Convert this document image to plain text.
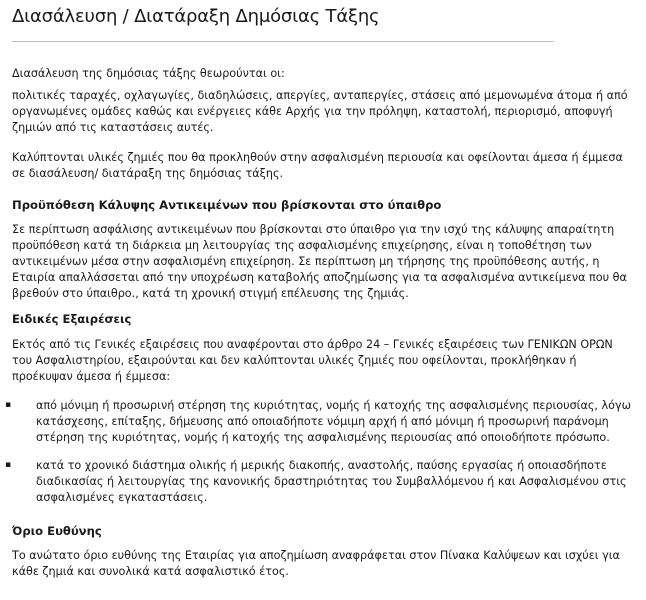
Διασάλευση / Διατάραξη Δημόσιας Τάξης

Διασάλευση της δημόσιας τάξης θεωρούνται οι:

πολιτικές ταραχές, οχλαγωγίες, διαδηλώσεις, απεργίες, ανταπεργίες, στάσεις από μεμονωμένα άτομα ή από οργανωμένες ομάδες καθώς και ενέργειες κάθε Αρχής για την πρόληψη, καταστολή, περιορισμό, αποφυγή ζημιών από τις καταστάσεις αυτές.

Καλύπτονται υλικές ζημιές που θα προκληθούν στην ασφαλισμένη περιουσία και οφείλονται άμεσα ή έμμεσα σε διασάλευση/ διατάραξη της δημόσιας τάξης.

Προϋπόθεση Κάλυψης Αντικειμένων που βρίσκονται στο ύπαιθρο

Σε περίπτωση ασφάλισης αντικειμένων που βρίσκονται στο ύπαιθρο για την ισχύ της κάλυψης απαραίτητη προϋπόθεση κατά τη διάρκεια μη λειτουργίας της ασφαλισμένης επιχείρησης, είναι η τοποθέτηση των αντικειμένων μέσα στην ασφαλισμένη επιχείρηση. Σε περίπτωση μη τήρησης της προϋπόθεσης αυτής, η Εταιρία απαλλάσσεται από την υποχρέωση καταβολής αποζημίωσης για τα ασφαλισμένα αντικείμενα που θα βρεθούν στο ύπαιθρο., κατά τη χρονική στιγμή επέλευσης της ζημιάς.

Ειδικές Εξαιρέσεις

Εκτός από τις Γενικές εξαιρέσεις που αναφέρονται στο άρθρο 24 – Γενικές εξαιρέσεις των ΓΕΝΙΚΩΝ ΟΡΩΝ του Ασφαλιστηρίου, εξαιρούνται και δεν καλύπτονται υλικές ζημιές που οφείλονται, προκλήθηκαν ή προέκυψαν άμεσα ή έμμεσα:

▪ από μόνιμη ή προσωρινή στέρηση της κυριότητας, νομής ή κατοχής της ασφαλισμένης περιουσίας, λόγω κατάσχεσης, επίταξης, δήμευσης από οποιαδήποτε νόμιμη αρχή ή από μόνιμη ή προσωρινή παράνομη στέρηση της κυριότητας, νομής ή κατοχής της ασφαλισμένης περιουσίας από οποιοδήποτε πρόσωπο.

▪ κατά το χρονικό διάστημα ολικής ή μερικής διακοπής, αναστολής, παύσης εργασίας ή οποιασδήποτε διαδικασίας ή λειτουργίας της κανονικής δραστηριότητας του Συμβαλλόμενου ή και Ασφαλισμένου στις ασφαλισμένες εγκαταστάσεις.

Όριο Ευθύνης

Το ανώτατο όριο ευθύνης της Εταιρίας για αποζημίωση αναφράφεται στον Πίνακα Καλύψεων και ισχύει για κάθε ζημιά και συνολικά κατά ασφαλιστικό έτος.
